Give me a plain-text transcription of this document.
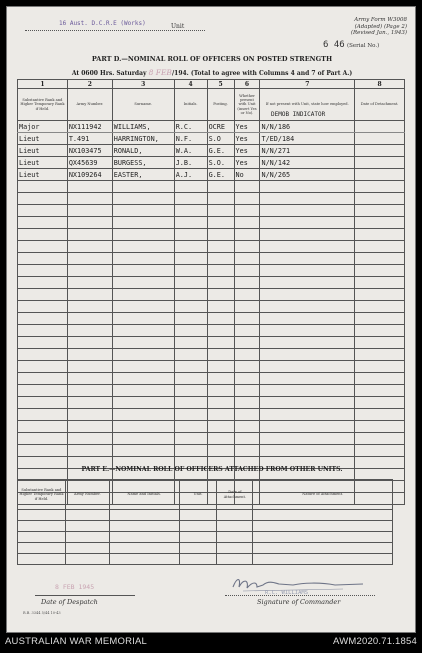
16 Aust. D.C.R.E (Works)	Unit
Army Form W3008
(Adapted) (Page 2)
(Revised Jan., 1943)
6 46 (Serial No.)
PART D.—NOMINAL ROLL OF OFFICERS ON POSTED STRENGTH
At 0600 Hrs. Saturday 8 FEB/194. (Total to agree with Columns 4 and 7 of Part A.)
1	2	3	4	5	6	7	8
Substantive Rank and Higher Temporary Rank if Held.	Army Number.	Surname.	Initials.	Posting.	Whether present with Unit (insert Yes or No).	If not present with Unit, state how employed.	Date of Detachment.
Major	NX111942	WILLIAMS,	R.C.	OCRE	Yes	N/N/186	
Lieut	T.491	HARRINGTON,	N.F.	S.O	Yes	T/ED/184	
Lieut	NX103475	RONALD,	W.A.	G.E.	Yes	N/N/271	
Lieut	QX45639	BURGESS,	J.B.	S.O.	Yes	N/N/142	
Lieut	NX109264	EASTER,	A.J.	G.E.	No	N/N/265	

DEMOB INDICATOR
PART E.—NOMINAL ROLL OF OFFICERS ATTACHED FROM OTHER UNITS.
Substantive Rank and Higher Temporary Rank if Held.	Army Number.	Name and Initials.	Unit.	Date of Attachment.	Nature of Attachment.

8 FEB 1945
R.C. WILLIAMS
Date of Despatch	Signature of Commander
R.B. 3344 5/44 10-43
AUSTRALIAN WAR MEMORIAL	AWM2020.71.1854
